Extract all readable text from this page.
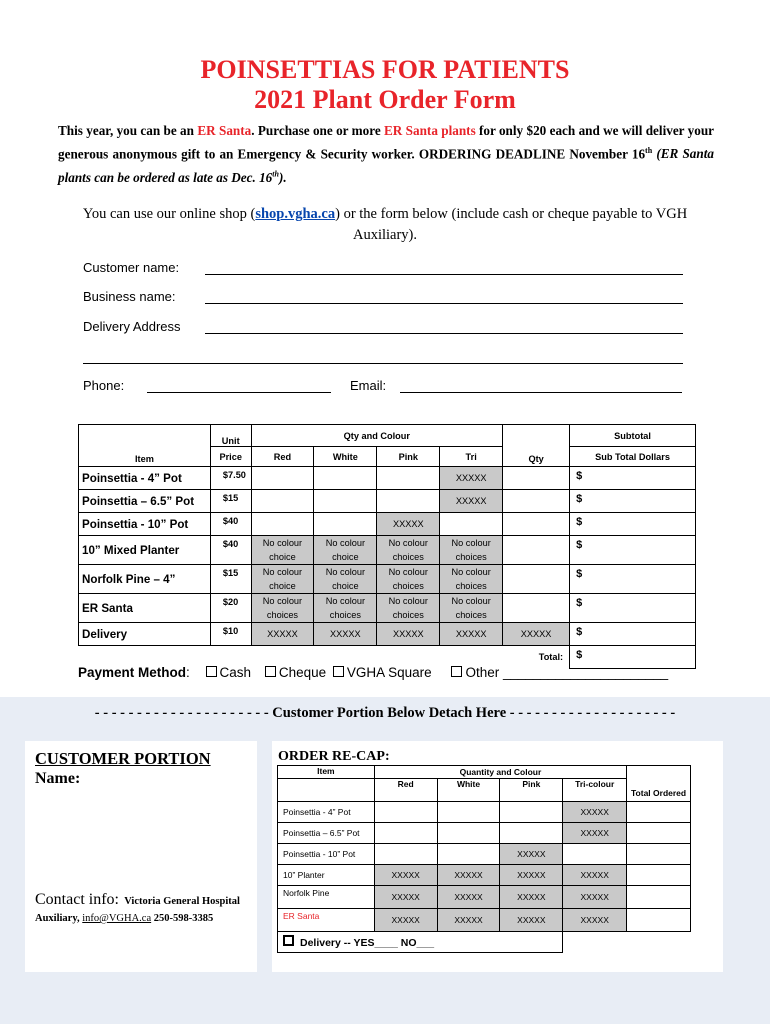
POINSETTIAS FOR PATIENTS
2021 Plant Order Form
This year, you can be an ER Santa. Purchase one or more ER Santa plants for only $20 each and we will deliver your generous anonymous gift to an Emergency & Security worker. ORDERING DEADLINE November 16th (ER Santa plants can be ordered as late as Dec. 16th).
You can use our online shop (shop.vgha.ca) or the form below (include cash or cheque payable to VGH Auxiliary).
Customer name:
Business name:
Delivery Address
Phone:	Email:
Item	Unit	Qty and Colour				Qty	Subtotal
	Price	Red	White	Pink	Tri		Sub Total Dollars
Poinsettia - 4” Pot	$7.50				XXXXX		$
Poinsettia – 6.5” Pot	$15				XXXXX		$
Poinsettia - 10” Pot	$40			XXXXX			$
10” Mixed Planter	$40	No colour choice	No colour choice	No colour choices	No colour choices		$
Norfolk Pine – 4”	$15	No colour choice	No colour choice	No colour choices	No colour choices		$
ER Santa	$20	No colour choices	No colour choices	No colour choices	No colour choices		$
Delivery	$10	XXXXX	XXXXX	XXXXX	XXXXX	XXXXX	$
Total:							$
Payment Method: Cash Cheque VGHA Square	Other ______________________
- - - - - - - - - - - - - - - - - - - - - Customer Portion Below Detach Here - - - - - - - - - - - - - - - - - - - -
CUSTOMER PORTION
Name:
Contact info: Victoria General Hospital Auxiliary, info@VGHA.ca 250-598-3385
ORDER RE-CAP:
Item	Quantity and Colour				Total Ordered
	Red	White	Pink	Tri-colour	
Poinsettia - 4” Pot				XXXXX	
Poinsettia – 6.5” Pot				XXXXX	
Poinsettia - 10” Pot			XXXXX		
10” Planter	XXXXX	XXXXX	XXXXX	XXXXX	
Norfolk Pine	XXXXX	XXXXX	XXXXX	XXXXX	
ER Santa	XXXXX	XXXXX	XXXXX	XXXXX	
Delivery -- YES____ NO___					
